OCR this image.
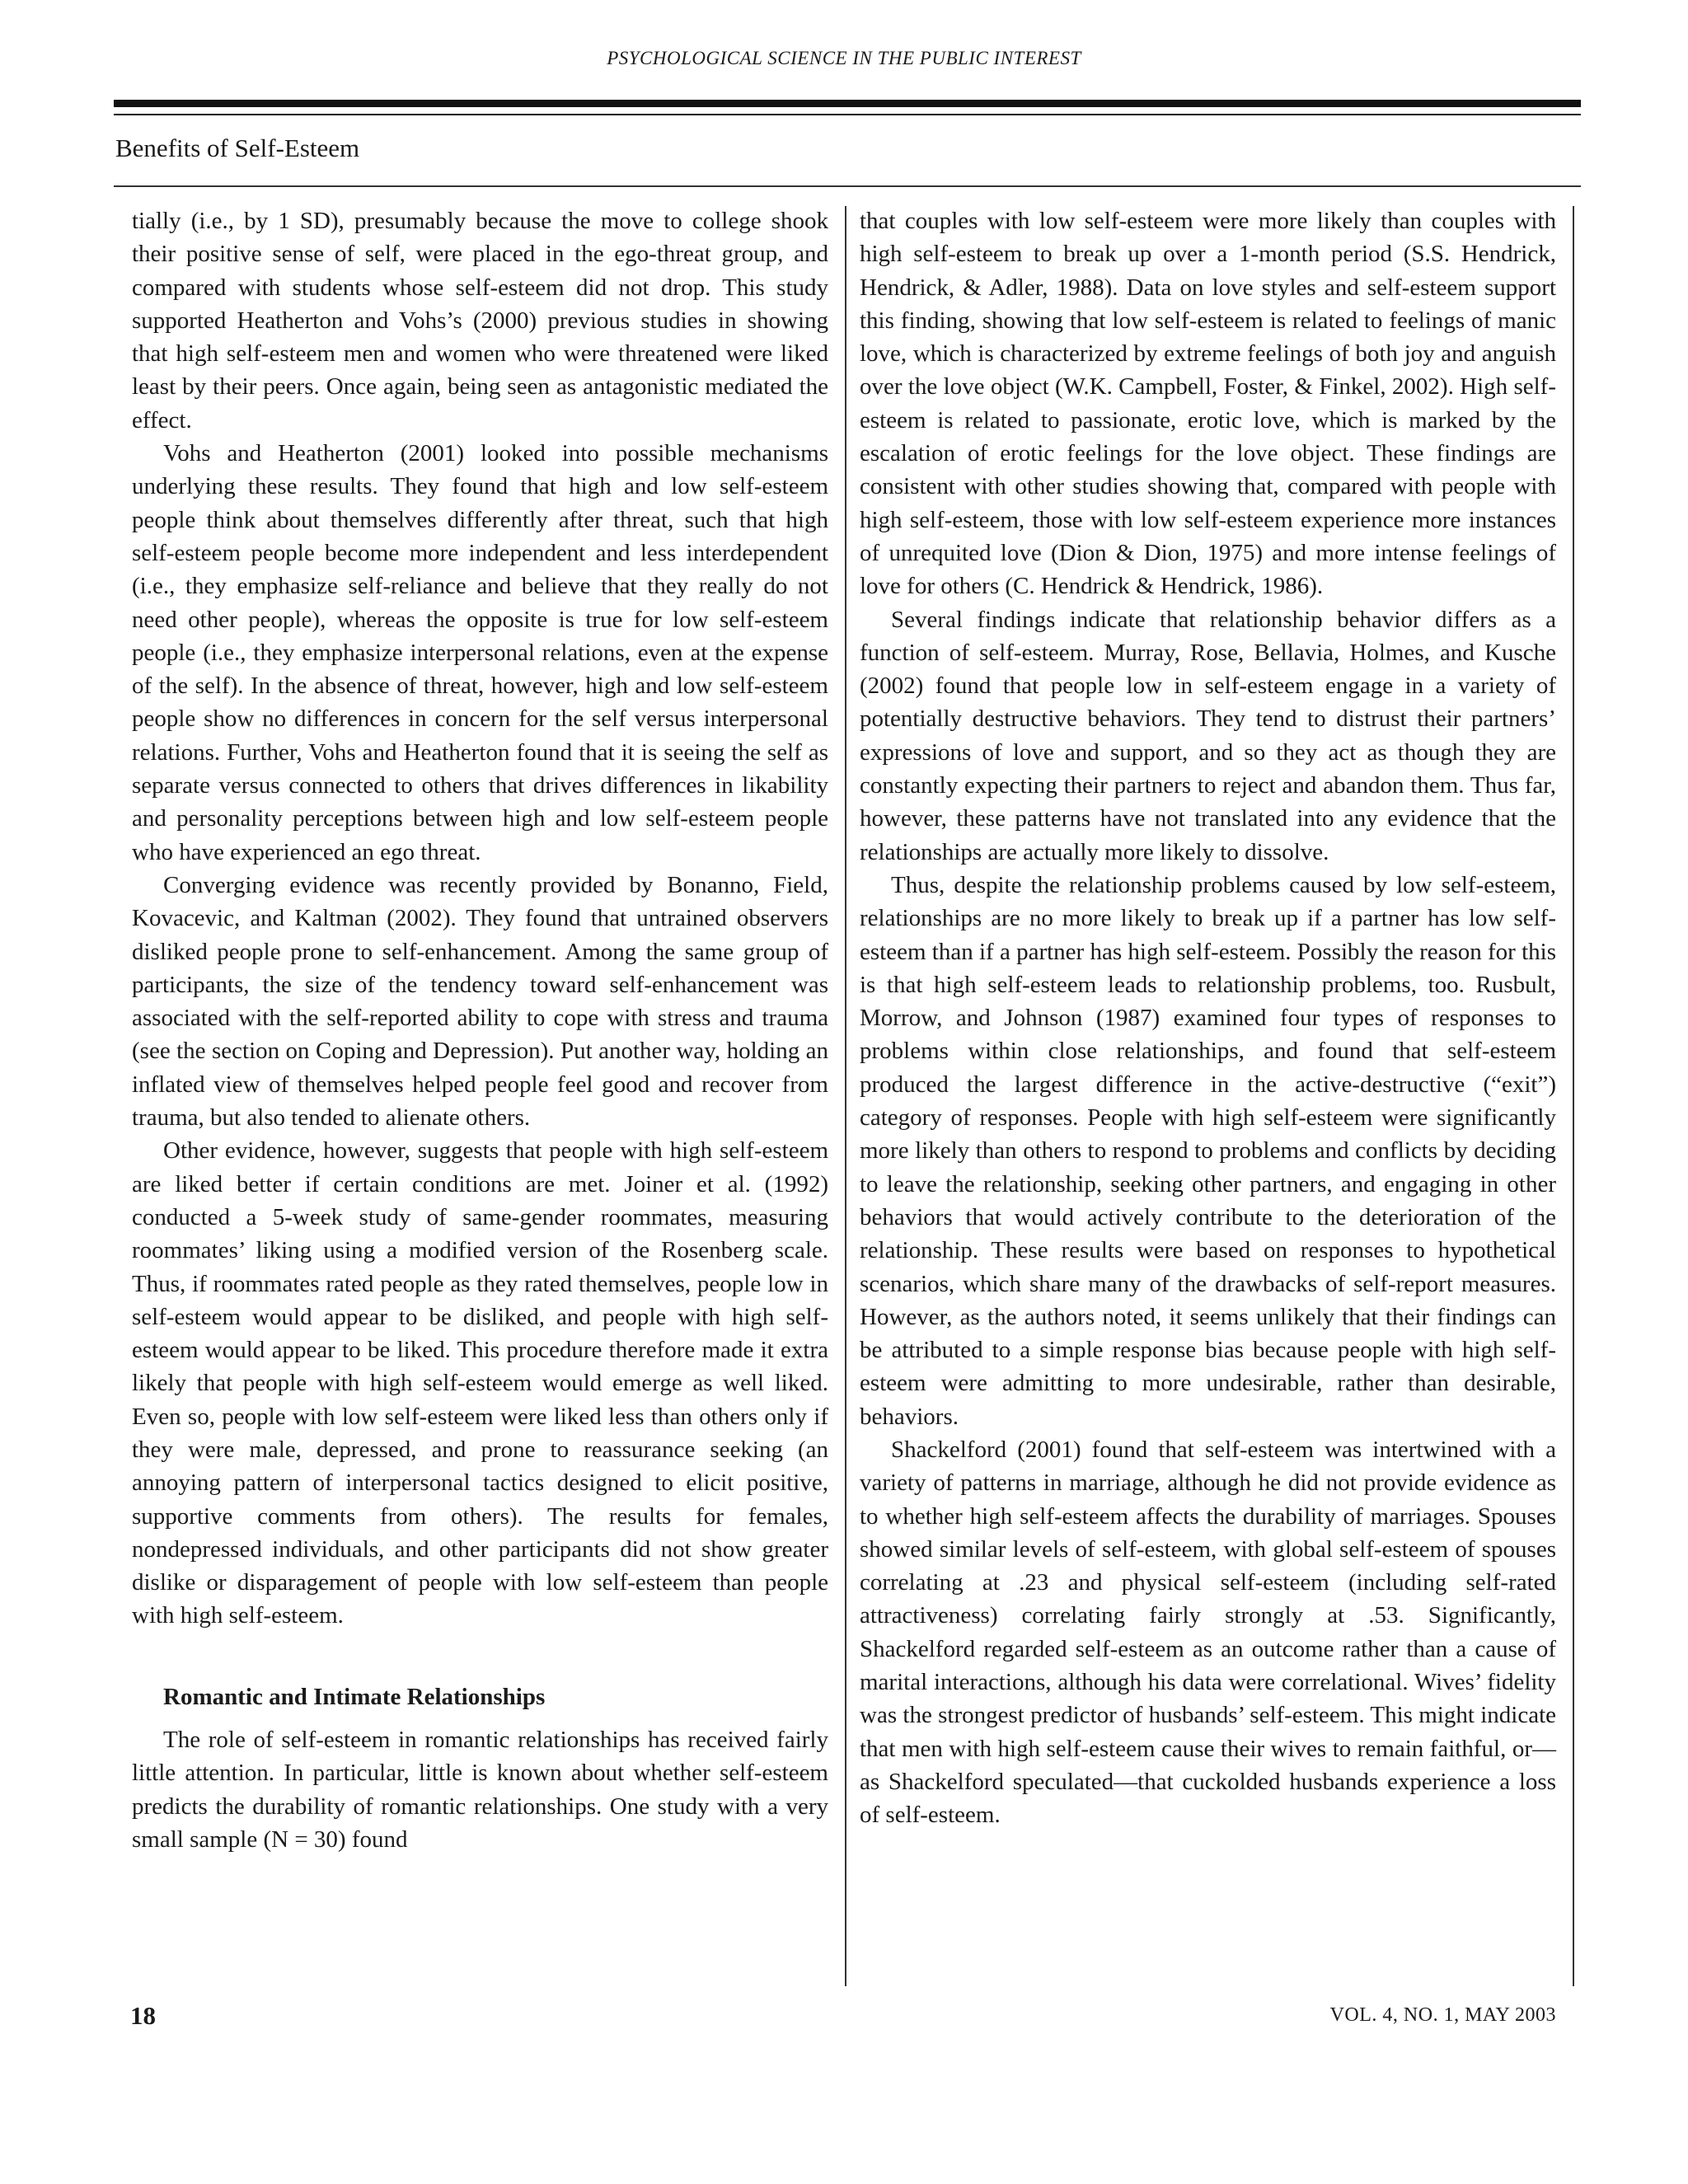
PSYCHOLOGICAL SCIENCE IN THE PUBLIC INTEREST
Benefits of Self-Esteem

tially (i.e., by 1 SD), presumably because the move to college shook their positive sense of self, were placed in the ego-threat group, and compared with students whose self-esteem did not drop. This study supported Heatherton and Vohs’s (2000) previous studies in showing that high self-esteem men and women who were threatened were liked least by their peers. Once again, being seen as antagonistic mediated the effect.

Vohs and Heatherton (2001) looked into possible mechanisms underlying these results. They found that high and low self-esteem people think about themselves differently after threat, such that high self-esteem people become more independent and less interdependent (i.e., they emphasize self-reliance and believe that they really do not need other people), whereas the opposite is true for low self-esteem people (i.e., they emphasize interpersonal relations, even at the expense of the self). In the absence of threat, however, high and low self-esteem people show no differences in concern for the self versus interpersonal relations. Further, Vohs and Heatherton found that it is seeing the self as separate versus connected to others that drives differences in likability and personality perceptions between high and low self-esteem people who have experienced an ego threat.

Converging evidence was recently provided by Bonanno, Field, Kovacevic, and Kaltman (2002). They found that untrained observers disliked people prone to self-enhancement. Among the same group of participants, the size of the tendency toward self-enhancement was associated with the self-reported ability to cope with stress and trauma (see the section on Coping and Depression). Put another way, holding an inflated view of themselves helped people feel good and recover from trauma, but also tended to alienate others.

Other evidence, however, suggests that people with high self-esteem are liked better if certain conditions are met. Joiner et al. (1992) conducted a 5-week study of same-gender roommates, measuring roommates’ liking using a modified version of the Rosenberg scale. Thus, if roommates rated people as they rated themselves, people low in self-esteem would appear to be disliked, and people with high self-esteem would appear to be liked. This procedure therefore made it extra likely that people with high self-esteem would emerge as well liked. Even so, people with low self-esteem were liked less than others only if they were male, depressed, and prone to reassurance seeking (an annoying pattern of interpersonal tactics designed to elicit positive, supportive comments from others). The results for females, nondepressed individuals, and other participants did not show greater dislike or disparagement of people with low self-esteem than people with high self-esteem.

Romantic and Intimate Relationships

The role of self-esteem in romantic relationships has received fairly little attention. In particular, little is known about whether self-esteem predicts the durability of romantic relationships. One study with a very small sample (N = 30) found

that couples with low self-esteem were more likely than couples with high self-esteem to break up over a 1-month period (S.S. Hendrick, Hendrick, & Adler, 1988). Data on love styles and self-esteem support this finding, showing that low self-esteem is related to feelings of manic love, which is characterized by extreme feelings of both joy and anguish over the love object (W.K. Campbell, Foster, & Finkel, 2002). High self-esteem is related to passionate, erotic love, which is marked by the escalation of erotic feelings for the love object. These findings are consistent with other studies showing that, compared with people with high self-esteem, those with low self-esteem experience more instances of unrequited love (Dion & Dion, 1975) and more intense feelings of love for others (C. Hendrick & Hendrick, 1986).

Several findings indicate that relationship behavior differs as a function of self-esteem. Murray, Rose, Bellavia, Holmes, and Kusche (2002) found that people low in self-esteem engage in a variety of potentially destructive behaviors. They tend to distrust their partners’ expressions of love and support, and so they act as though they are constantly expecting their partners to reject and abandon them. Thus far, however, these patterns have not translated into any evidence that the relationships are actually more likely to dissolve.

Thus, despite the relationship problems caused by low self-esteem, relationships are no more likely to break up if a partner has low self-esteem than if a partner has high self-esteem. Possibly the reason for this is that high self-esteem leads to relationship problems, too. Rusbult, Morrow, and Johnson (1987) examined four types of responses to problems within close relationships, and found that self-esteem produced the largest difference in the active-destructive (“exit”) category of responses. People with high self-esteem were significantly more likely than others to respond to problems and conflicts by deciding to leave the relationship, seeking other partners, and engaging in other behaviors that would actively contribute to the deterioration of the relationship. These results were based on responses to hypothetical scenarios, which share many of the drawbacks of self-report measures. However, as the authors noted, it seems unlikely that their findings can be attributed to a simple response bias because people with high self-esteem were admitting to more undesirable, rather than desirable, behaviors.

Shackelford (2001) found that self-esteem was intertwined with a variety of patterns in marriage, although he did not provide evidence as to whether high self-esteem affects the durability of marriages. Spouses showed similar levels of self-esteem, with global self-esteem of spouses correlating at .23 and physical self-esteem (including self-rated attractiveness) correlating fairly strongly at .53. Significantly, Shackelford regarded self-esteem as an outcome rather than a cause of marital interactions, although his data were correlational. Wives’ fidelity was the strongest predictor of husbands’ self-esteem. This might indicate that men with high self-esteem cause their wives to remain faithful, or—as Shackelford speculated—that cuckolded husbands experience a loss of self-esteem.

18	VOL. 4, NO. 1, MAY 2003
